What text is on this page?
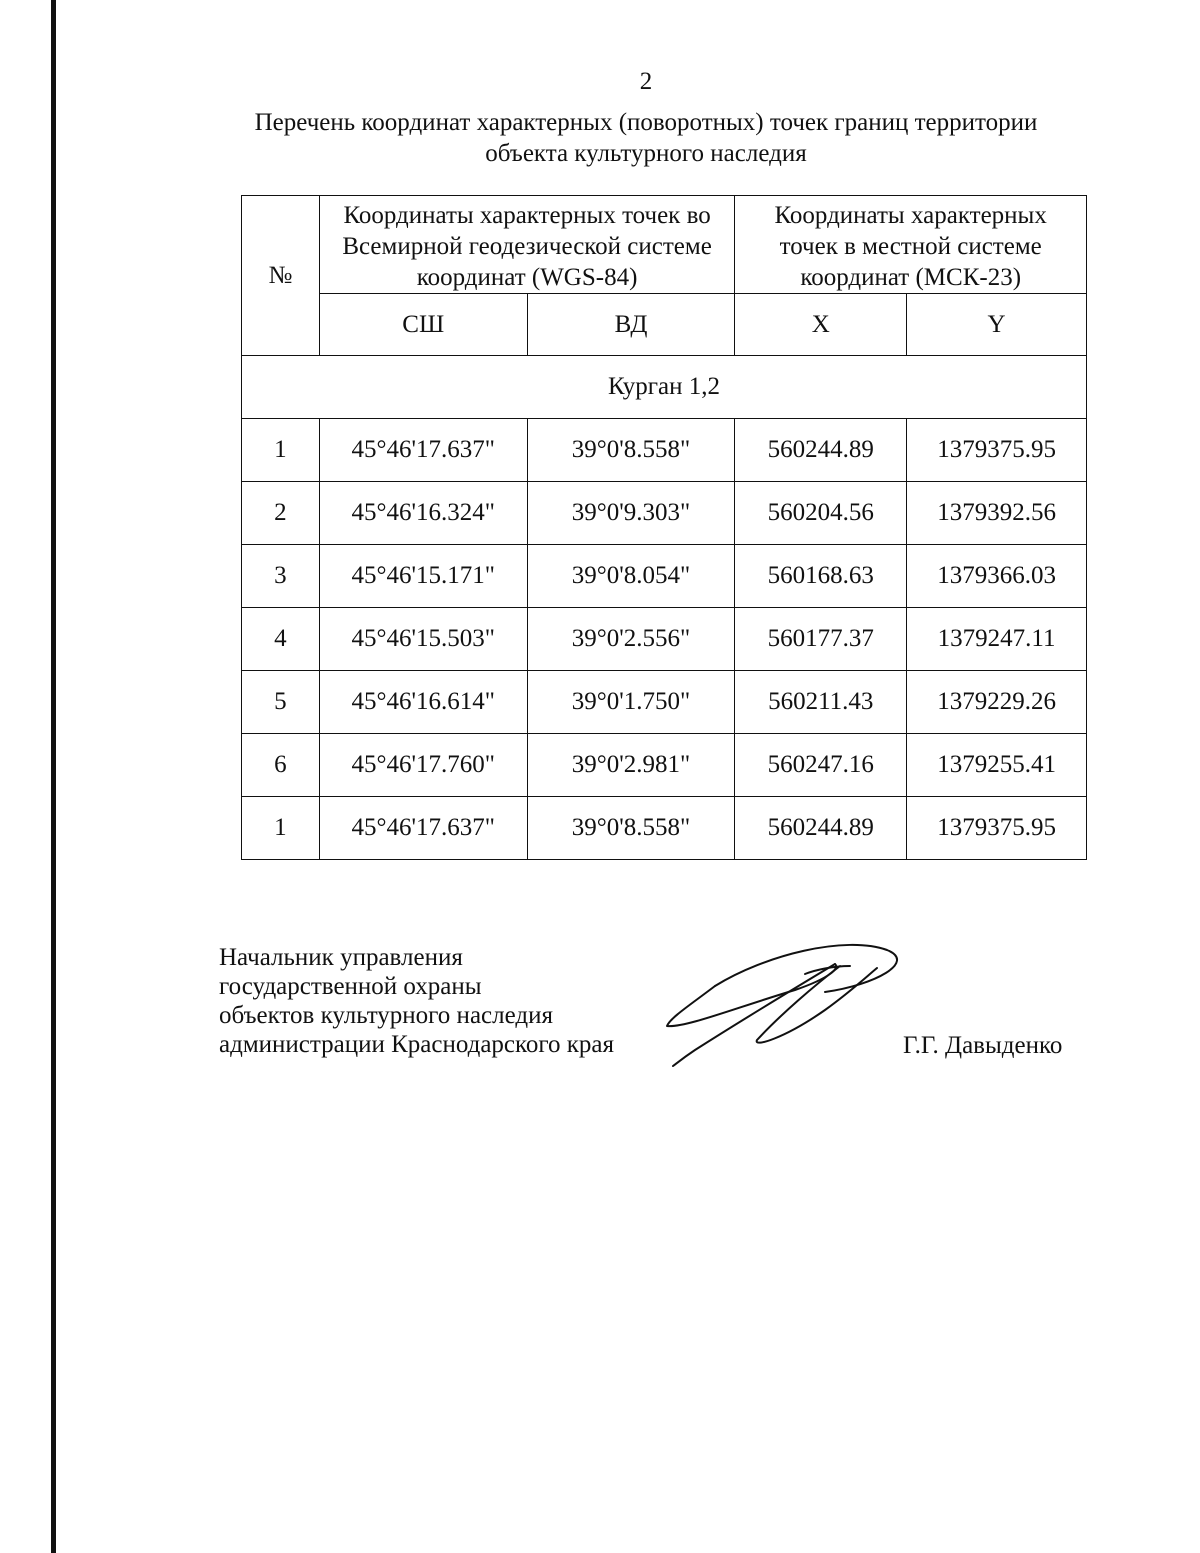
2
Перечень координат характерных (поворотных) точек границ территории
объекта культурного наследия
№	Координаты характерных точек во
Всемирной геодезической системе
координат (WGS-84)		Координаты характерных
точек в местной системе
координат (МСК-23)	

	СШ	ВД	X	Y
Курган 1,2				
1	45°46'17.637"	39°0'8.558"	560244.89	1379375.95
2	45°46'16.324"	39°0'9.303"	560204.56	1379392.56
3	45°46'15.171"	39°0'8.054"	560168.63	1379366.03
4	45°46'15.503"	39°0'2.556"	560177.37	1379247.11
5	45°46'16.614"	39°0'1.750"	560211.43	1379229.26
6	45°46'17.760"	39°0'2.981"	560247.16	1379255.41
1	45°46'17.637"	39°0'8.558"	560244.89	1379375.95
Начальник управления
государственной охраны
объектов культурного наследия
администрации Краснодарского края	Г.Г. Давыденко
